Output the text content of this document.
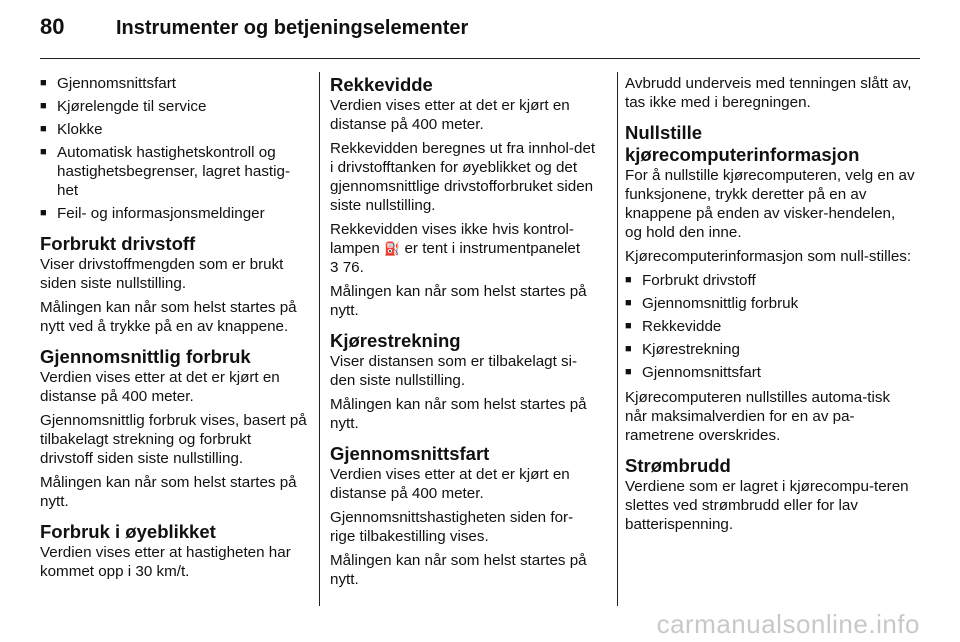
80	Instrumenter og betjeningselementer
■ Gjennomsnittsfart
■ Kjørelengde til service
■ Klokke
■ Automatisk hastighetskontroll og hastighetsbegrenser, lagret hastig-het
■ Feil- og informasjonsmeldinger
Forbrukt drivstoff

Viser drivstoffmengden som er brukt siden siste nullstilling.

Målingen kan når som helst startes på nytt ved å trykke på en av knappene.

Gjennomsnittlig forbruk

Verdien vises etter at det er kjørt en distanse på 400 meter.

Gjennomsnittlig forbruk vises, basert på tilbakelagt strekning og forbrukt drivstoff siden siste nullstilling.

Målingen kan når som helst startes på nytt.

Forbruk i øyeblikket

Verdien vises etter at hastigheten har kommet opp i 30 km/t.

Rekkevidde

Verdien vises etter at det er kjørt en distanse på 400 meter.

Rekkevidden beregnes ut fra innhol-det i drivstofftanken for øyeblikket og det gjennomsnittlige drivstofforbruket siden siste nullstilling.

Rekkevidden vises ikke hvis kontrol-lampen ⛽ er tent i instrumentpanelet
3 76.

Målingen kan når som helst startes på nytt.

Kjørestrekning

Viser distansen som er tilbakelagt si-den siste nullstilling.

Målingen kan når som helst startes på nytt.

Gjennomsnittsfart

Verdien vises etter at det er kjørt en distanse på 400 meter.

Gjennomsnittshastigheten siden for-rige tilbakestilling vises.

Målingen kan når som helst startes på nytt.

Avbrudd underveis med tenningen slått av, tas ikke med i beregningen.

Nullstille
kjørecomputerinformasjon

For å nullstille kjørecomputeren, velg en av funksjonene, trykk deretter på en av knappene på enden av visker-hendelen, og hold den inne.

Kjørecomputerinformasjon som null-stilles:

■ Forbrukt drivstoff
■ Gjennomsnittlig forbruk
■ Rekkevidde
■ Kjørestrekning
■ Gjennomsnittsfart

Kjørecomputeren nullstilles automa-tisk når maksimalverdien for en av pa-rametrene overskrides.

Strømbrudd

Verdiene som er lagret i kjørecompu-teren slettes ved strømbrudd eller for lav batterispenning.

carmanualsonline.info
